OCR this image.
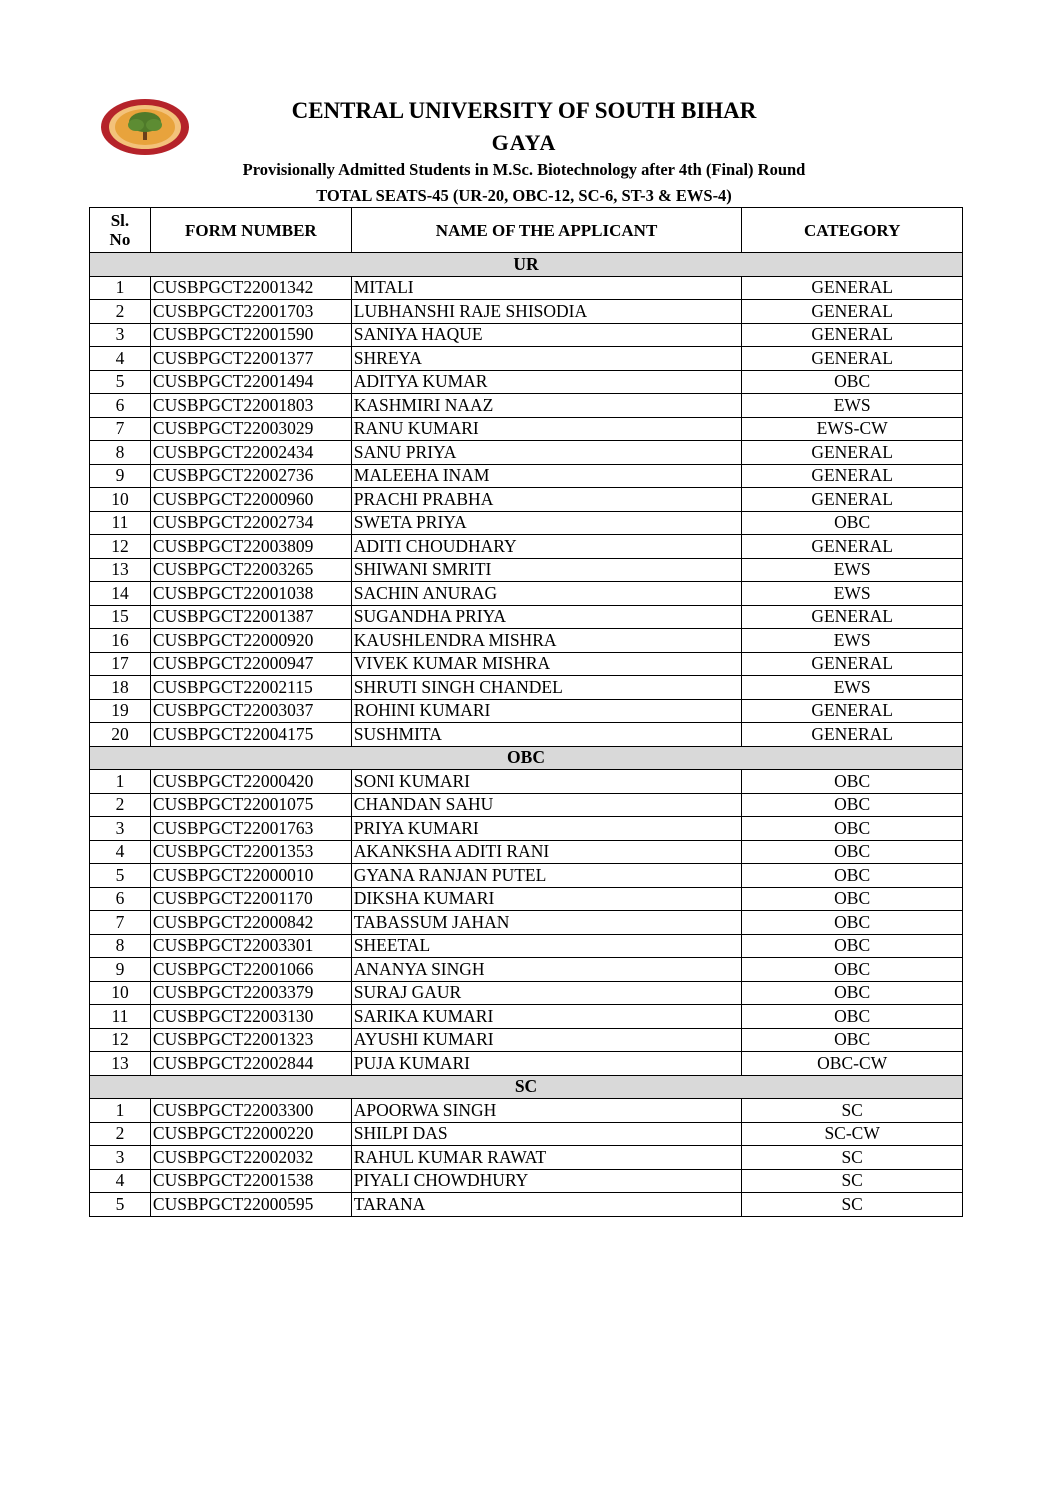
CENTRAL UNIVERSITY OF SOUTH BIHAR
GAYA
Provisionally Admitted Students in M.Sc. Biotechnology after 4th (Final) Round
TOTAL SEATS-45 (UR-20, OBC-12, SC-6, ST-3 & EWS-4)
Sl.
No	FORM NUMBER	NAME OF THE APPLICANT	CATEGORY
UR			
1	CUSBPGCT22001342	MITALI	GENERAL
2	CUSBPGCT22001703	LUBHANSHI RAJE SHISODIA	GENERAL
3	CUSBPGCT22001590	SANIYA HAQUE	GENERAL
4	CUSBPGCT22001377	SHREYA	GENERAL
5	CUSBPGCT22001494	ADITYA KUMAR	OBC
6	CUSBPGCT22001803	KASHMIRI NAAZ	EWS
7	CUSBPGCT22003029	RANU KUMARI	EWS-CW
8	CUSBPGCT22002434	SANU PRIYA	GENERAL
9	CUSBPGCT22002736	MALEEHA INAM	GENERAL
10	CUSBPGCT22000960	PRACHI PRABHA	GENERAL
11	CUSBPGCT22002734	SWETA PRIYA	OBC
12	CUSBPGCT22003809	ADITI CHOUDHARY	GENERAL
13	CUSBPGCT22003265	SHIWANI SMRITI	EWS
14	CUSBPGCT22001038	SACHIN ANURAG	EWS
15	CUSBPGCT22001387	SUGANDHA PRIYA	GENERAL
16	CUSBPGCT22000920	KAUSHLENDRA MISHRA	EWS
17	CUSBPGCT22000947	VIVEK KUMAR MISHRA	GENERAL
18	CUSBPGCT22002115	SHRUTI SINGH CHANDEL	EWS
19	CUSBPGCT22003037	ROHINI KUMARI	GENERAL
20	CUSBPGCT22004175	SUSHMITA	GENERAL
OBC			
1	CUSBPGCT22000420	SONI KUMARI	OBC
2	CUSBPGCT22001075	CHANDAN SAHU	OBC
3	CUSBPGCT22001763	PRIYA KUMARI	OBC
4	CUSBPGCT22001353	AKANKSHA ADITI RANI	OBC
5	CUSBPGCT22000010	GYANA RANJAN PUTEL	OBC
6	CUSBPGCT22001170	DIKSHA KUMARI	OBC
7	CUSBPGCT22000842	TABASSUM JAHAN	OBC
8	CUSBPGCT22003301	SHEETAL	OBC
9	CUSBPGCT22001066	ANANYA SINGH	OBC
10	CUSBPGCT22003379	SURAJ GAUR	OBC
11	CUSBPGCT22003130	SARIKA KUMARI	OBC
12	CUSBPGCT22001323	AYUSHI KUMARI	OBC
13	CUSBPGCT22002844	PUJA KUMARI	OBC-CW
SC			
1	CUSBPGCT22003300	APOORWA SINGH	SC
2	CUSBPGCT22000220	SHILPI DAS	SC-CW
3	CUSBPGCT22002032	RAHUL KUMAR RAWAT	SC
4	CUSBPGCT22001538	PIYALI CHOWDHURY	SC
5	CUSBPGCT22000595	TARANA	SC
